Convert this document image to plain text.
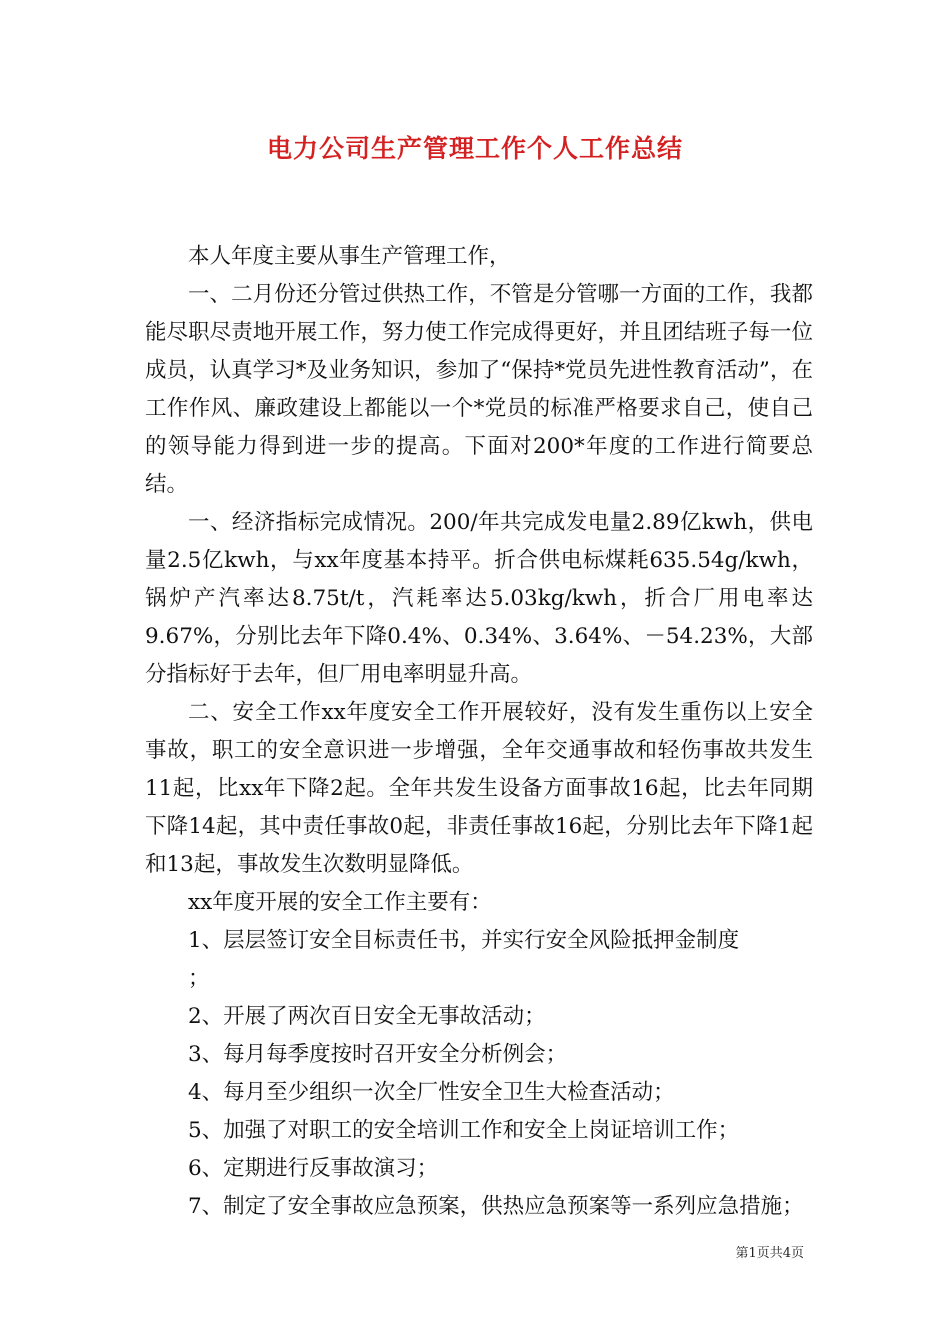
电力公司生产管理工作个人工作总结

本人年度主要从事生产管理工作，

一、二月份还分管过供热工作，不管是分管哪一方面的工作，我都能尽职尽责地开展工作，努力使工作完成得更好，并且团结班子每一位成员，认真学习*及业务知识，参加了“保持*党员先进性教育活动”，在工作作风、廉政建设上都能以一个*党员的标准严格要求自己，使自己的领导能力得到进一步的提高。下面对200*年度的工作进行简要总结。

一、经济指标完成情况。200/年共完成发电量2.89亿kwh，供电量2.5亿kwh，与xx年度基本持平。折合供电标煤耗635.54g/kwh，锅炉产汽率达8.75t/t，汽耗率达5.03kg/kwh，折合厂用电率达9.67%，分别比去年下降0.4%、0.34%、3.64%、－54.23%，大部分指标好于去年，但厂用电率明显升高。

二、安全工作xx年度安全工作开展较好，没有发生重伤以上安全事故，职工的安全意识进一步增强，全年交通事故和轻伤事故共发生11起，比xx年下降2起。全年共发生设备方面事故16起，比去年同期下降14起，其中责任事故0起，非责任事故16起，分别比去年下降1起和13起，事故发生次数明显降低。

xx年度开展的安全工作主要有：

1、层层签订安全目标责任书，并实行安全风险抵押金制度

；

2、开展了两次百日安全无事故活动；

3、每月每季度按时召开安全分析例会；

4、每月至少组织一次全厂性安全卫生大检查活动；

5、加强了对职工的安全培训工作和安全上岗证培训工作；

6、定期进行反事故演习；

7、制定了安全事故应急预案，供热应急预案等一系列应急措施；

第1页共4页
